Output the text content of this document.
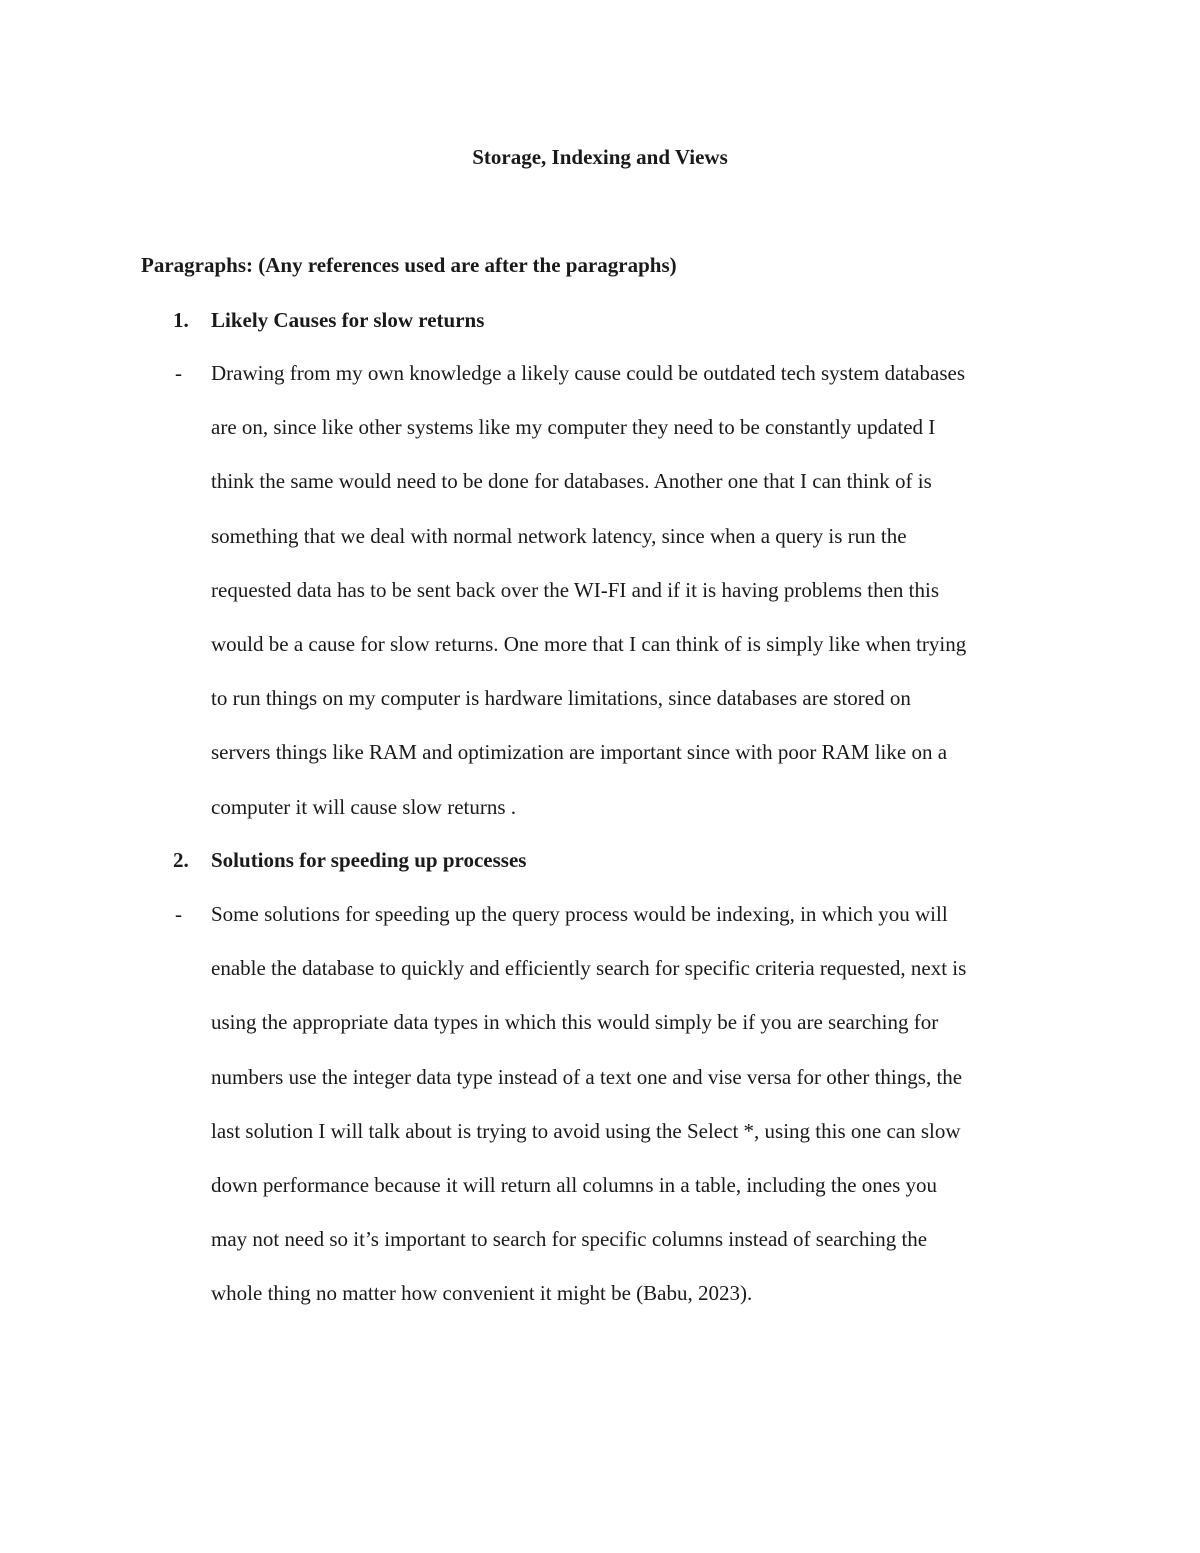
Storage, Indexing and Views
Paragraphs: (Any references used are after the paragraphs)
1. Likely Causes for slow returns
- Drawing from my own knowledge a likely cause could be outdated tech system databases
are on, since like other systems like my computer they need to be constantly updated I
think the same would need to be done for databases. Another one that I can think of is
something that we deal with normal network latency, since when a query is run the
requested data has to be sent back over the WI-FI and if it is having problems then this
would be a cause for slow returns. One more that I can think of is simply like when trying
to run things on my computer is hardware limitations, since databases are stored on
servers things like RAM and optimization are important since with poor RAM like on a
computer it will cause slow returns .
2. Solutions for speeding up processes
- Some solutions for speeding up the query process would be indexing, in which you will
enable the database to quickly and efficiently search for specific criteria requested, next is
using the appropriate data types in which this would simply be if you are searching for
numbers use the integer data type instead of a text one and vise versa for other things, the
last solution I will talk about is trying to avoid using the Select *, using this one can slow
down performance because it will return all columns in a table, including the ones you
may not need so it’s important to search for specific columns instead of searching the
whole thing no matter how convenient it might be (Babu, 2023).
